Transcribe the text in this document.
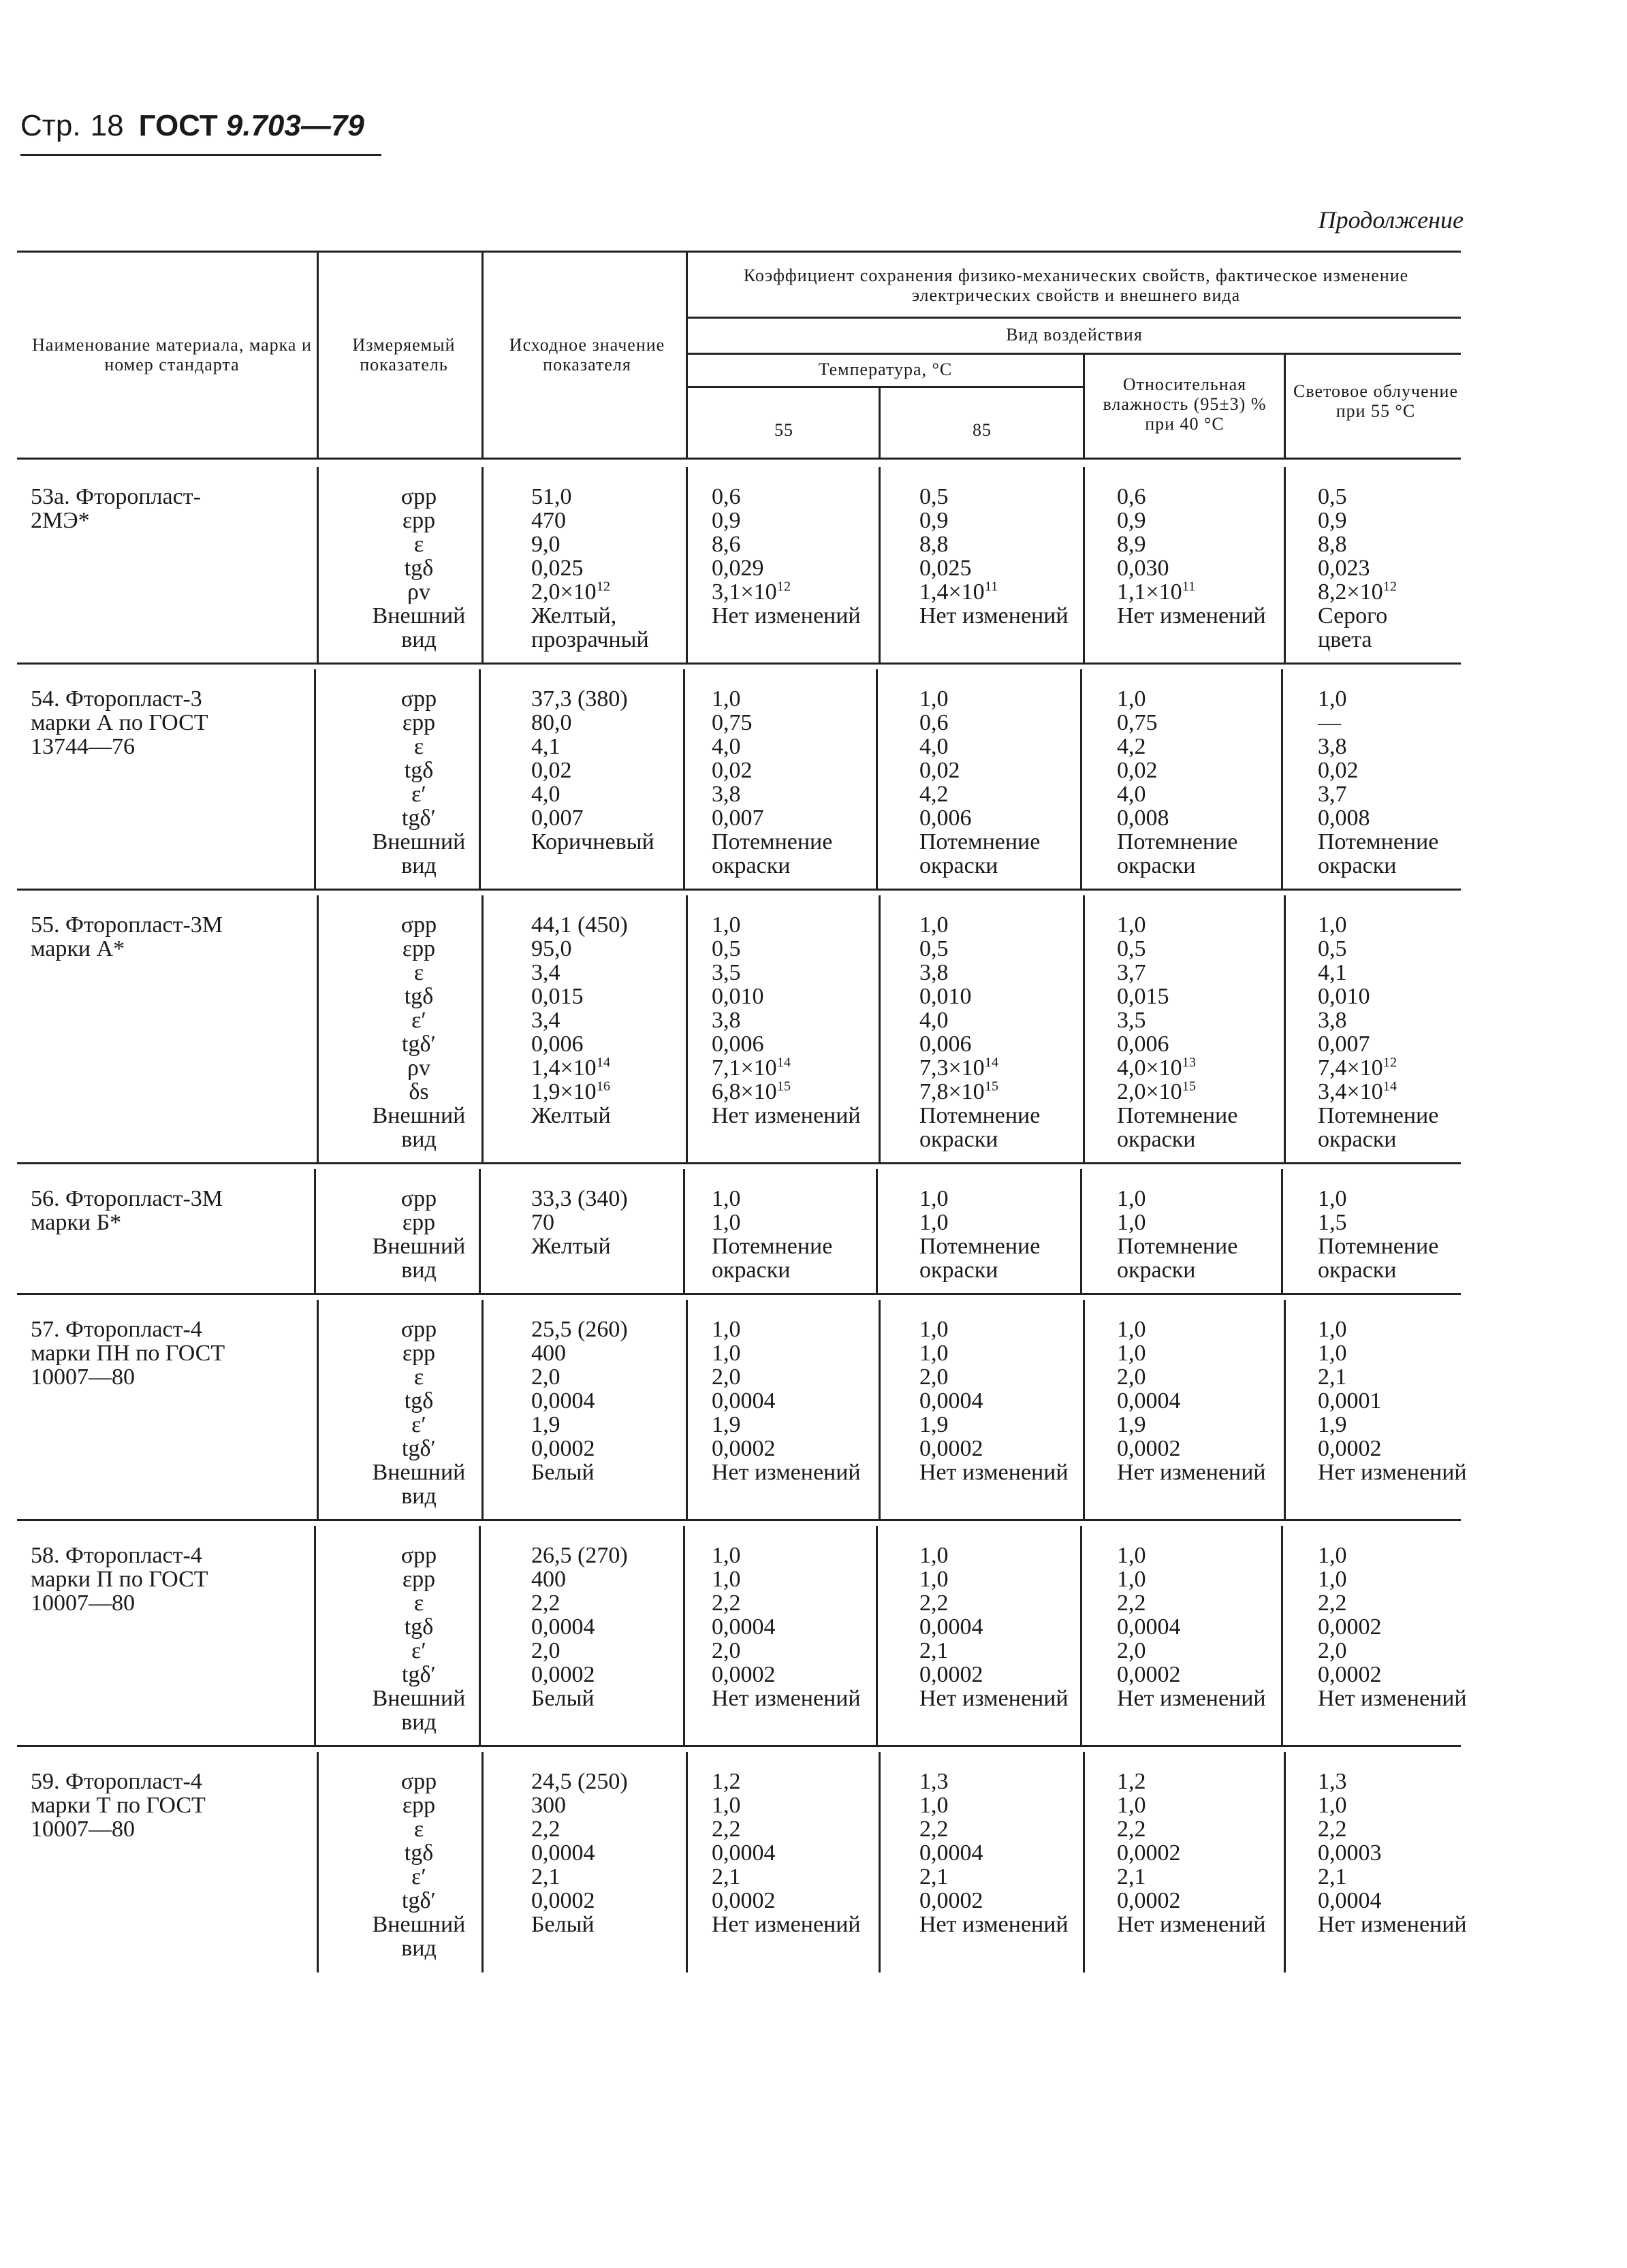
Стр. 18 ГОСТ 9.703—79
Продолжение
Наименование материала, марка и номер стандарта
Измеряемый показатель
Исходное значение показателя
Коэффициент сохранения физико-механических свойств, фактическое изменение электрических свойств и внешнего вида
Вид воздействия
Температура, °C
55	85
Относительная влажность (95±3) % при 40 °C
Световое облучение при 55 °C
53а. Фторопласт-
2МЭ*
σрр
εрр
ε
tgδ
ρv
Внешний
вид
51,0
470
9,0
0,025
$2,0\times 10^{12}$
Желтый,
прозрачный
0,6
0,9
8,6
0,029
$3,1\times 10^{12}$
Нет изменений
0,5
0,9
8,8
0,025
$1,4\times 10^{11}$
Нет изменений
0,6
0,9
8,9
0,030
$1,1\times 10^{11}$
Нет изменений
0,5
0,9
8,8
0,023
$8,2\times 10^{12}$
Серого
цвета
54. Фторопласт-3
марки А по ГОСТ
13744—76
σрр
εрр
ε
tgδ
ε′
tgδ′
Внешний
вид
37,3 (380)
80,0
4,1
0,02
4,0
0,007
Коричневый
1,0
0,75
4,0
0,02
3,8
0,007
Потемнение
окраски
1,0
0,6
4,0
0,02
4,2
0,006
Потемнение
окраски
1,0
0,75
4,2
0,02
4,0
0,008
Потемнение
окраски
1,0
—
3,8
0,02
3,7
0,008
Потемнение
окраски
55. Фторопласт-3М
марки А*
σрр
εрр
ε
tgδ
ε′
tgδ′
ρv
δs
Внешний
вид
44,1 (450)
95,0
3,4
0,015
3,4
0,006
$1,4\times 10^{14}$
$1,9\times 10^{16}$
Желтый
1,0
0,5
3,5
0,010
3,8
0,006
$7,1\times 10^{14}$
$6,8\times 10^{15}$
Нет изменений
1,0
0,5
3,8
0,010
4,0
0,006
$7,3\times 10^{14}$
$7,8\times 10^{15}$
Потемнение
окраски
1,0
0,5
3,7
0,015
3,5
0,006
$4,0\times 10^{13}$
$2,0\times 10^{15}$
Потемнение
окраски
1,0
0,5
4,1
0,010
3,8
0,007
$7,4\times 10^{12}$
$3,4\times 10^{14}$
Потемнение
окраски
56. Фторопласт-3М
марки Б*
σрр
εрр
Внешний
вид
33,3 (340)
70
Желтый
1,0
1,0
Потемнение
окраски
1,0
1,0
Потемнение
окраски
1,0
1,0
Потемнение
окраски
1,0
1,5
Потемнение
окраски
57. Фторопласт-4
марки ПН по ГОСТ
10007—80
σрр
εрр
ε
tgδ
ε′
tgδ′
Внешний
вид
25,5 (260)
400
2,0
0,0004
1,9
0,0002
Белый
1,0
1,0
2,0
0,0004
1,9
0,0002
Нет изменений
1,0
1,0
2,0
0,0004
1,9
0,0002
Нет изменений
1,0
1,0
2,0
0,0004
1,9
0,0002
Нет изменений
1,0
1,0
2,1
0,0001
1,9
0,0002
Нет изменений
58. Фторопласт-4
марки П по ГОСТ
10007—80
σрр
εрр
ε
tgδ
ε′
tgδ′
Внешний
вид
26,5 (270)
400
2,2
0,0004
2,0
0,0002
Белый
1,0
1,0
2,2
0,0004
2,0
0,0002
Нет изменений
1,0
1,0
2,2
0,0004
2,1
0,0002
Нет изменений
1,0
1,0
2,2
0,0004
2,0
0,0002
Нет изменений
1,0
1,0
2,2
0,0002
2,0
0,0002
Нет изменений
59. Фторопласт-4
марки Т по ГОСТ
10007—80
σрр
εрр
ε
tgδ
ε′
tgδ′
Внешний
вид
24,5 (250)
300
2,2
0,0004
2,1
0,0002
Белый
1,2
1,0
2,2
0,0004
2,1
0,0002
Нет изменений
1,3
1,0
2,2
0,0004
2,1
0,0002
Нет изменений
1,2
1,0
2,2
0,0002
2,1
0,0002
Нет изменений
1,3
1,0
2,2
0,0003
2,1
0,0004
Нет изменений
